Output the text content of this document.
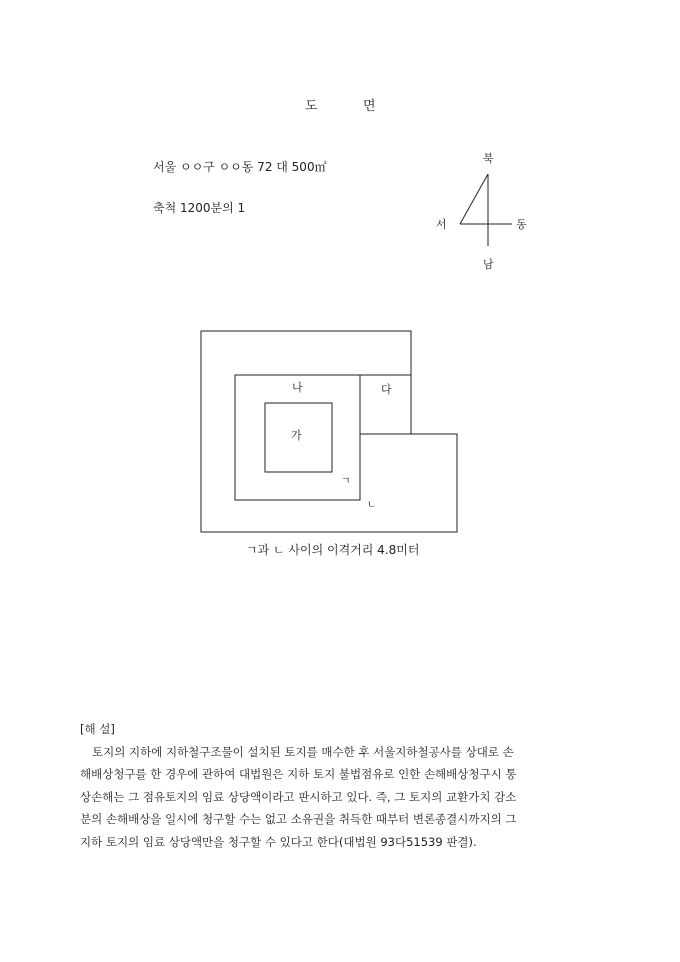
도	면
서울 ㅇㅇ구 ㅇㅇ동 72 대 500㎡
축척 1200분의 1
북
서	동
남
나	다
가
ㄱ
ㄴ
ㄱ과 ㄴ 사이의 이격거리 4.8미터
[해 설]
토지의 지하에 지하철구조물이 설치된 토지를 매수한 후 서울지하철공사를 상대로 손
해배상청구를 한 경우에 관하여 대법원은 지하 토지 불법점유로 인한 손해배상청구시 통
상손해는 그 점유토지의 임료 상당액이라고 판시하고 있다. 즉, 그 토지의 교환가치 감소
분의 손해배상을 일시에 청구할 수는 없고 소유권을 취득한 때부터 변론종결시까지의 그
지하 토지의 임료 상당액만을 청구할 수 있다고 한다(대법원 93다51539 판결).
